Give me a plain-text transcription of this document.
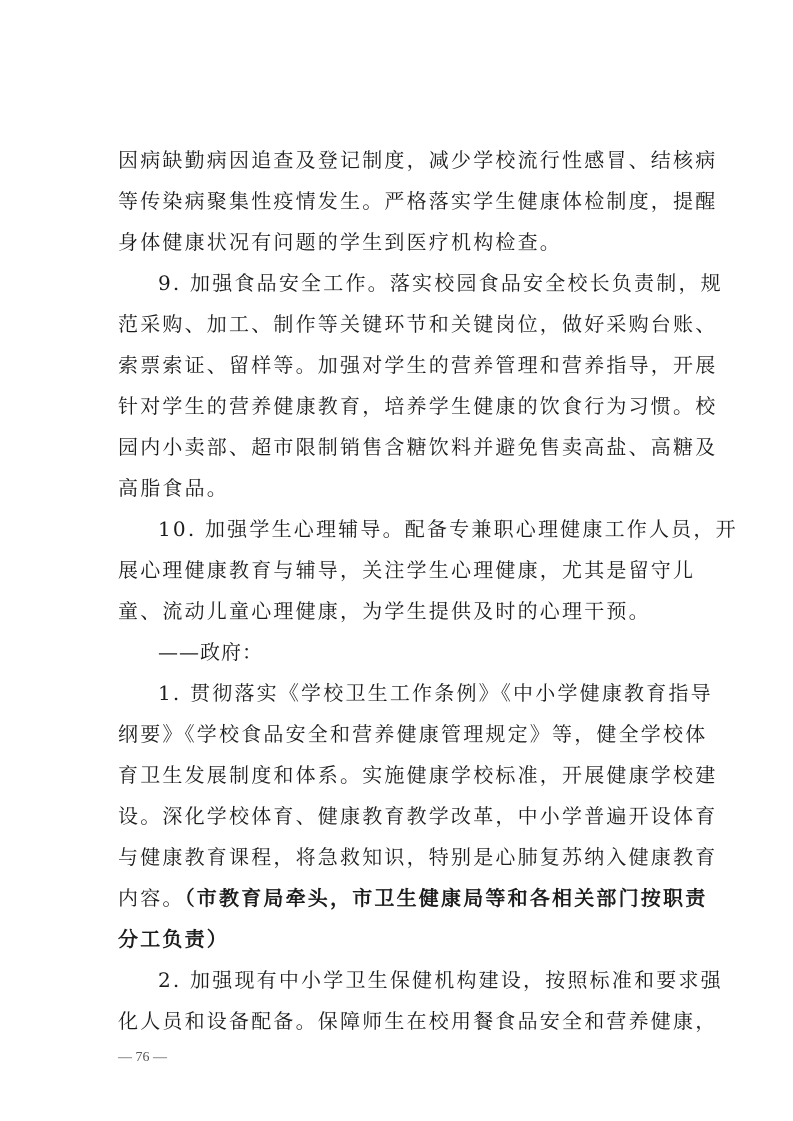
因病缺勤病因追查及登记制度，减少学校流行性感冒、结核病
等传染病聚集性疫情发生。严格落实学生健康体检制度，提醒
身体健康状况有问题的学生到医疗机构检查。
9. 加强食品安全工作。落实校园食品安全校长负责制，规
范采购、加工、制作等关键环节和关键岗位，做好采购台账、
索票索证、留样等。加强对学生的营养管理和营养指导，开展
针对学生的营养健康教育，培养学生健康的饮食行为习惯。校
园内小卖部、超市限制销售含糖饮料并避免售卖高盐、高糖及
高脂食品。
10. 加强学生心理辅导。配备专兼职心理健康工作人员，开
展心理健康教育与辅导，关注学生心理健康，尤其是留守儿
童、流动儿童心理健康，为学生提供及时的心理干预。
——政府：
1. 贯彻落实《学校卫生工作条例》《中小学健康教育指导
纲要》《学校食品安全和营养健康管理规定》等，健全学校体
育卫生发展制度和体系。实施健康学校标准，开展健康学校建
设。深化学校体育、健康教育教学改革，中小学普遍开设体育
与健康教育课程，将急救知识，特别是心肺复苏纳入健康教育
内容。（市教育局牵头，市卫生健康局等和各相关部门按职责
分工负责）
2. 加强现有中小学卫生保健机构建设，按照标准和要求强
化人员和设备配备。保障师生在校用餐食品安全和营养健康，
— 76 —
